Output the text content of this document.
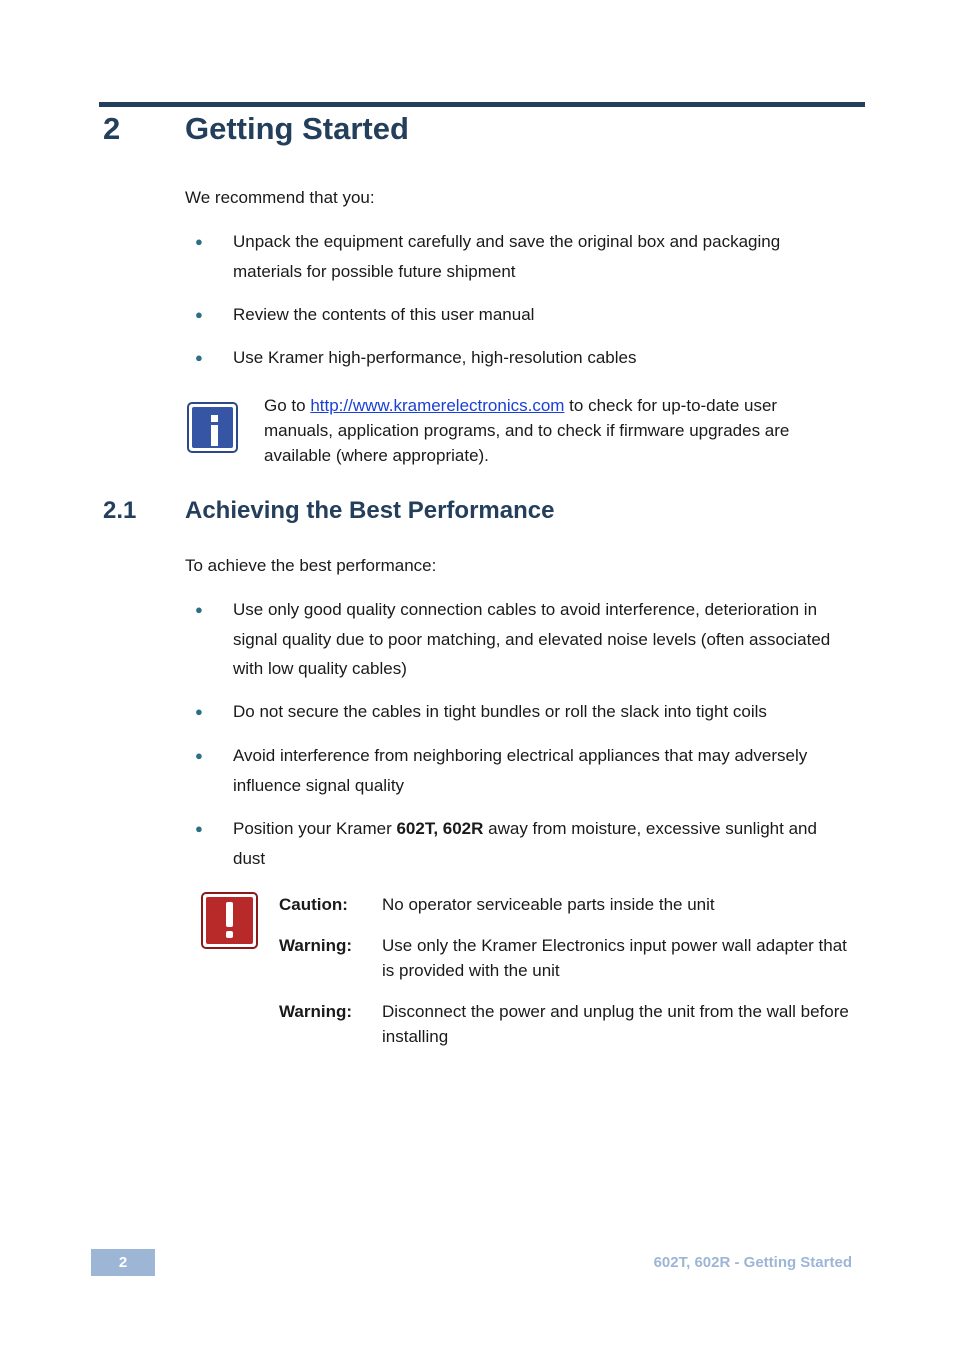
2 Getting Started
We recommend that you:
●	Unpack the equipment carefully and save the original box and packaging materials for possible future shipment
●	Review the contents of this user manual
●	Use Kramer high-performance, high-resolution cables
Go to http://www.kramerelectronics.com to check for up-to-date user manuals, application programs, and to check if firmware upgrades are available (where appropriate).
2.1 Achieving the Best Performance
To achieve the best performance:
●	Use only good quality connection cables to avoid interference, deterioration in signal quality due to poor matching, and elevated noise levels (often associated with low quality cables)
●	Do not secure the cables in tight bundles or roll the slack into tight coils
●	Avoid interference from neighboring electrical appliances that may adversely influence signal quality
●	Position your Kramer 602T, 602R away from moisture, excessive sunlight and dust
Caution: No operator serviceable parts inside the unit
Warning: Use only the Kramer Electronics input power wall adapter that is provided with the unit
Warning: Disconnect the power and unplug the unit from the wall before installing
2	602T, 602R - Getting Started
